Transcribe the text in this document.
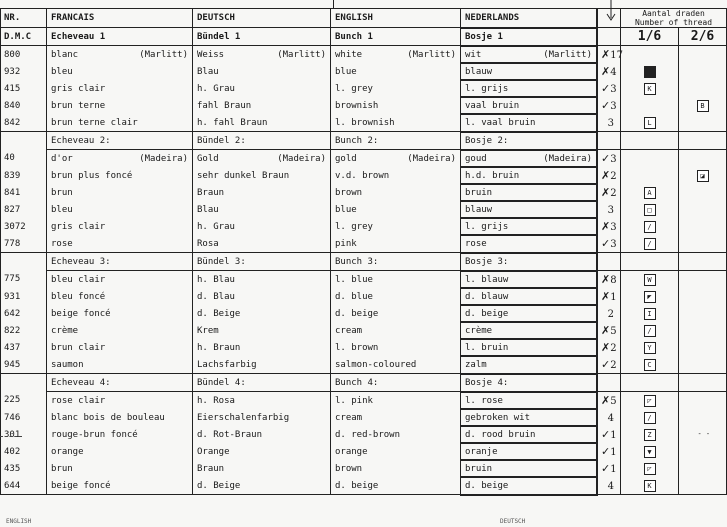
NR.	FRANCAIS	DEUTSCH	ENGLISH	NEDERLANDS		Aantal draden
Number of thread	

D.M.C	Echeveau 1	Bündel 1	Bunch 1	Bosje 1		1/6	2/6
800	blanc (Marlitt)	Weiss (Marlitt)	white (Marlitt)	wit (Marlitt)	✗17		
932	bleu	Blau	blue	blauw	✗4		
415	gris clair	h. Grau	l. grey	l. grijs	✓3	K	
840	brun terne	fahl Braun	brownish	vaal bruin	✓3		B
842	brun terne clair	h. fahl Braun	l. brownish	l. vaal bruin	3	L	
	Echeveau 2:	Bündel 2:	Bunch 2:	Bosje 2:			
40	d'or (Madeira)	Gold (Madeira)	gold (Madeira)	goud (Madeira)	✓3		
839	brun plus foncé	sehr dunkel Braun	v.d. brown	h.d. bruin	✗2		◪
841	brun	Braun	brown	bruin	✗2	A	
827	bleu	Blau	blue	blauw	3	□	
3072	gris clair	h. Grau	l. grey	l. grijs	✗3	/	
778	rose	Rosa	pink	rose	✓3	/	
	Echeveau 3:	Bündel 3:	Bunch 3:	Bosje 3:			
775	bleu clair	h. Blau	l. blue	l. blauw	✗8	W	
931	bleu foncé	d. Blau	d. blue	d. blauw	✗1	◤	
642	beige foncé	d. Beige	d. beige	d. beige	2	I	
822	crème	Krem	cream	crème	✗5	/	
437	brun clair	h. Braun	l. brown	l. bruin	✗2	Y	
945	saumon	Lachsfarbig	salmon-coloured	zalm	✓2	C	
	Echeveau 4:	Bündel 4:	Bunch 4:	Bosje 4:			
225	rose clair	h. Rosa	l. pink	l. rose	✗5	◸	
746	blanc bois de bouleau	Eierschalenfarbig	cream	gebroken wit	4	/	
301	rouge-brun foncé	d. Rot-Braun	d. red-brown	d. rood bruin	✓1	Z	- -
402	orange	Orange	orange	oranje	✓1	▼	
435	brun	Braun	brown	bruin	✓1	◸	
644	beige foncé	d. Beige	d. beige	d. beige	4	K	
ENGLISH	DEUTSCH
